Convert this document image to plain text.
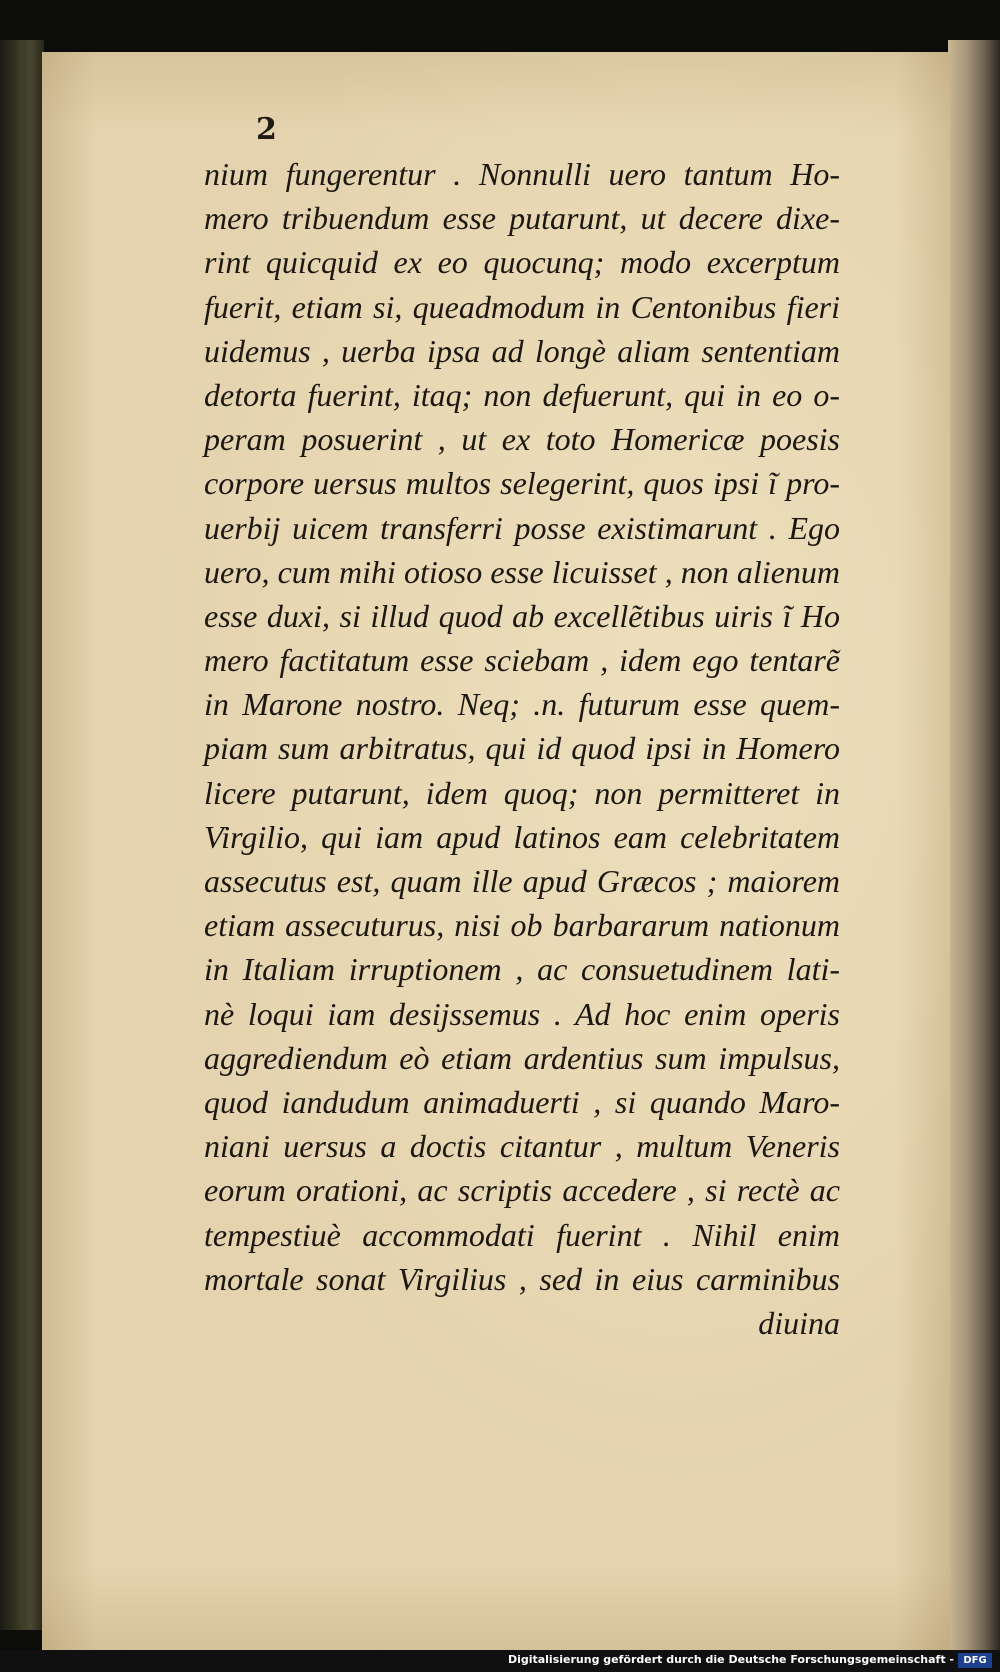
2
nium fungerentur . Nonnulli uero tantum Ho-
mero tribuendum esse putarunt, ut decere dixe-
rint quicquid ex eo quocunq; modo excerptum
fuerit, etiam si, queadmodum in Centonibus fieri
uidemus , uerba ipsa ad longè aliam sententiam
detorta fuerint, itaq; non defuerunt, qui in eo o-
peram posuerint , ut ex toto Homericæ poesis
corpore uersus multos selegerint, quos ipsi ĩ pro-
uerbij uicem transferri posse existimarunt . Ego
uero, cum mihi otioso esse licuisset , non alienum
esse duxi, si illud quod ab excellẽtibus uiris ĩ Ho
mero factitatum esse sciebam , idem ego tentarẽ
in Marone nostro. Neq; .n. futurum esse quem-
piam sum arbitratus, qui id quod ipsi in Homero
licere putarunt, idem quoq; non permitteret in
Virgilio, qui iam apud latinos eam celebritatem
assecutus est, quam ille apud Græcos ; maiorem
etiam assecuturus, nisi ob barbararum nationum
in Italiam irruptionem , ac consuetudinem lati-
nè loqui iam desijssemus . Ad hoc enim operis
aggrediendum eò etiam ardentius sum impulsus,
quod iandudum animaduerti , si quando Maro-
niani uersus a doctis citantur , multum Veneris
eorum orationi, ac scriptis accedere , si rectè ac
tempestiuè accommodati fuerint . Nihil enim
mortale sonat Virgilius , sed in eius carminibus
diuina
Digitalisierung gefördert durch die Deutsche Forschungsgemeinschaft - DFG
